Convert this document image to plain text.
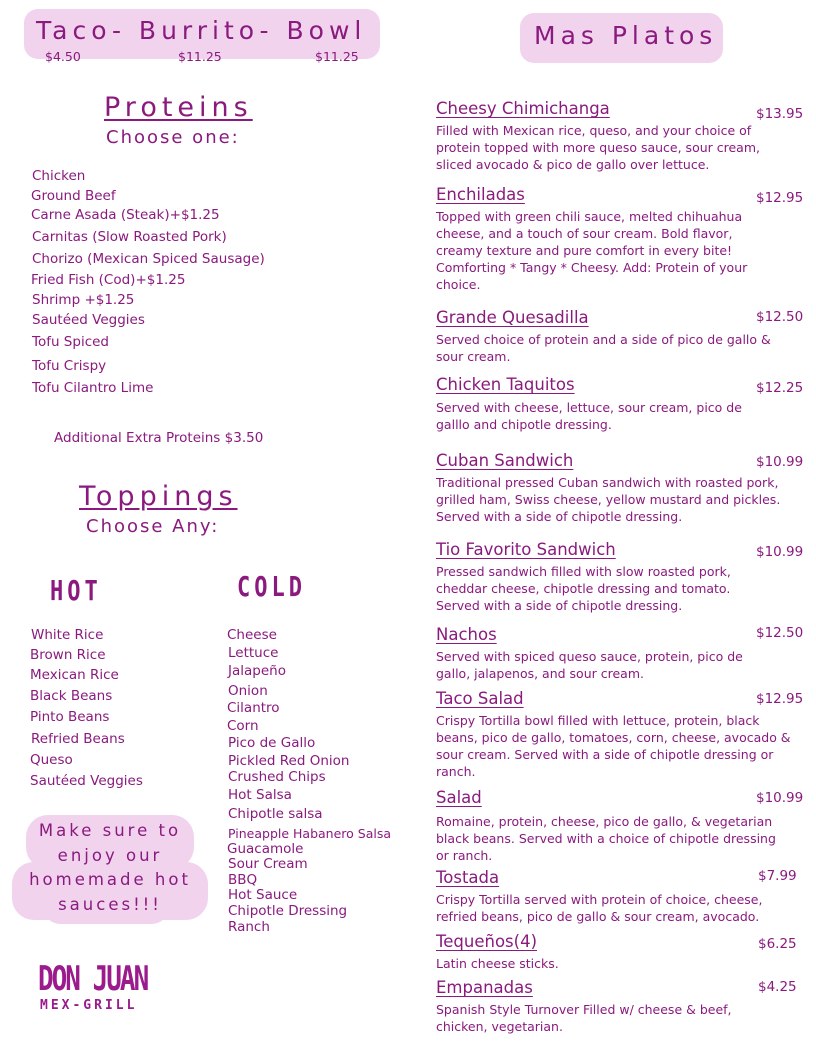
Taco- Burrito- Bowl
$4.50	$11.25	$11.25
Mas Platos
Proteins
Choose one:
Chicken
Ground Beef
Carne Asada (Steak)+$1.25
Carnitas (Slow Roasted Pork)
Chorizo (Mexican Spiced Sausage)
Fried Fish (Cod)+$1.25
Shrimp +$1.25
Sautéed Veggies
Tofu Spiced
Tofu Crispy
Tofu Cilantro Lime
Additional Extra Proteins $3.50
Toppings
Choose Any:
HOT	COLD
White Rice
Brown Rice
Mexican Rice
Black Beans
Pinto Beans
Refried Beans
Queso
Sautéed Veggies
Cheese
Lettuce
Jalapeño
Onion
Cilantro
Corn
Pico de Gallo
Pickled Red Onion
Crushed Chips
Hot Salsa
Chipotle salsa
Pineapple Habanero Salsa
Guacamole
Sour Cream
BBQ
Hot Sauce
Chipotle Dressing
Ranch
Make sure to
enjoy our
homemade hot
sauces!!!
DON JUAN
MEX-GRILL
Cheesy Chimichanga	$13.95
Filled with Mexican rice, queso, and your choice of protein topped with more queso sauce, sour cream, sliced avocado & pico de gallo over lettuce.
Enchiladas	$12.95
Topped with green chili sauce, melted chihuahua cheese, and a touch of sour cream. Bold flavor, creamy texture and pure comfort in every bite! Comforting * Tangy * Cheesy. Add: Protein of your choice.
Grande Quesadilla	$12.50
Served choice of protein and a side of pico de gallo & sour cream.
Chicken Taquitos	$12.25
Served with cheese, lettuce, sour cream, pico de galllo and chipotle dressing.
Cuban Sandwich	$10.99
Traditional pressed Cuban sandwich with roasted pork, grilled ham, Swiss cheese, yellow mustard and pickles. Served with a side of chipotle dressing.
Tio Favorito Sandwich	$10.99
Pressed sandwich filled with slow roasted pork, cheddar cheese, chipotle dressing and tomato. Served with a side of chipotle dressing.
Nachos	$12.50
Served with spiced queso sauce, protein, pico de gallo, jalapenos, and sour cream.
Taco Salad	$12.95
Crispy Tortilla bowl filled with lettuce, protein, black beans, pico de gallo, tomatoes, corn, cheese, avocado & sour cream. Served with a side of chipotle dressing or ranch.
Salad	$10.99
Romaine, protein, cheese, pico de gallo, & vegetarian black beans. Served with a choice of chipotle dressing or ranch.
Tostada	$7.99
Crispy Tortilla served with protein of choice, cheese, refried beans, pico de gallo & sour cream, avocado.
Tequeños(4)	$6.25
Latin cheese sticks.
Empanadas	$4.25
Spanish Style Turnover Filled w/ cheese & beef, chicken, vegetarian.
